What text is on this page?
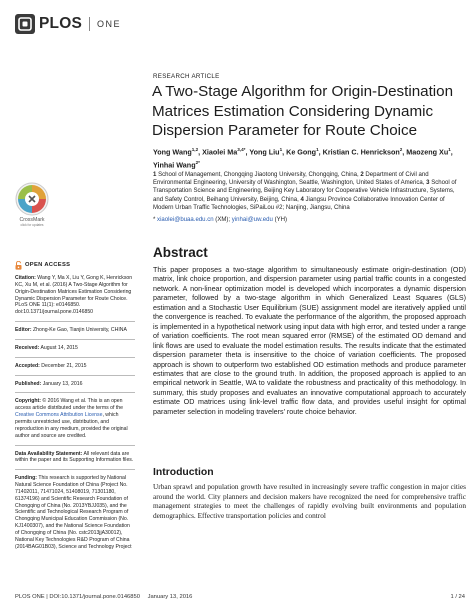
PLOS ONE
RESEARCH ARTICLE
A Two-Stage Algorithm for Origin-Destination Matrices Estimation Considering Dynamic Dispersion Parameter for Route Choice
Yong Wang$^{1,2}$, Xiaolei $Ma^{3,4*}$, Yong Liu$^1$, Ke Gong$^1$, Kristian C. Henrickson$^2$, Maozeng Xu$^1$, Yinhai Wang$^{2*}$
1 School of Management, Chongqing Jiaotong University, Chongqing, China, 2 Department of Civil and Environmental Engineering, University of Washington, Seattle, Washington, United States of America, 3 School of Transportation Science and Engineering, Beijing Key Laboratory for Cooperative Vehicle Infrastructure, Systems, and Safety Control, Beihang University, Beijing, China, 4 Jiangsu Province Collaborative Innovation Center of Modern Urban Traffic Technologies, SiPaiLou #2; Nanjing, Jiangsu, China
* xiaolei@buaa.edu.cn (XM); yinhai@uw.edu (YH)
Abstract

This paper proposes a two-stage algorithm to simultaneously estimate origin-destination (OD) matrix, link choice proportion, and dispersion parameter using partial traffic counts in a congested network. A non-linear optimization model is developed which incorporates a dynamic dispersion parameter, followed by a two-stage algorithm in which Generalized Least Squares (GLS) estimation and a Stochastic User Equilibrium (SUE) assignment model are iteratively applied until the convergence is reached. To evaluate the performance of the algorithm, the proposed approach is implemented in a hypothetical network using input data with high error, and tested under a range of variation coefficients. The root mean squared error (RMSE) of the estimated OD demand and link flows are used to evaluate the model estimation results. The results indicate that the estimated dispersion parameter theta is insensitive to the choice of variation coefficients. The proposed approach is shown to outperform two established OD estimation methods and produce parameter estimates that are close to the ground truth. In addition, the proposed approach is applied to an empirical network in Seattle, WA to validate the robustness and practicality of this methodology. In summary, this study proposes and evaluates an innovative computational approach to accurately estimate OD matrices using link-level traffic flow data, and provides useful insight for optimal parameter selection in modeling travelers' route choice behavior.

Introduction

Urban sprawl and population growth have resulted in increasingly severe traffic congestion in major cities around the world. City planners and decision makers have recognized the need for comprehensive traffic management strategies to meet the challenges of rapidly evolving built environments and population demographics. Effective transportation policies and control

CrossMark
click for updates
OPEN ACCESS
Citation: Wang Y, Ma X, Liu Y, Gong K, Henrickson KC, Xu M, et al. (2016) A Two-Stage Algorithm for Origin-Destination Matrices Estimation Considering Dynamic Dispersion Parameter for Route Choice. PLoS ONE 11(1): e0146850. doi:10.1371/journal.pone.0146850
Editor: Zhong-Ke Gao, Tianjin University, CHINA
Received: August 14, 2015
Accepted: December 21, 2015
Published: January 13, 2016
Copyright: © 2016 Wang et al. This is an open access article distributed under the terms of the Creative Commons Attribution License, which permits unrestricted use, distribution, and reproduction in any medium, provided the original author and source are credited.
Data Availability Statement: All relevant data are within the paper and its Supporting Information files.
Funding: This research is supported by National Natural Science Foundation of China (Project No. 71402011, 71471024, 51408019, 71301180, 61374196) and Scientific Research Foundation of Chongqing of China (No. 2013YBJJ035), and the Scientific and Technological Research Program of Chongqing Municipal Education Commission (No. KJ1400307), and the National Science Foundation of Chongqing of China (No. cstc2013jjA30012), National Key Technologies R&D Program of China (2014BAG01B03), Science and Technology Project
PLOS ONE | DOI:10.1371/journal.pone.0146850 January 13, 2016	1 / 24
